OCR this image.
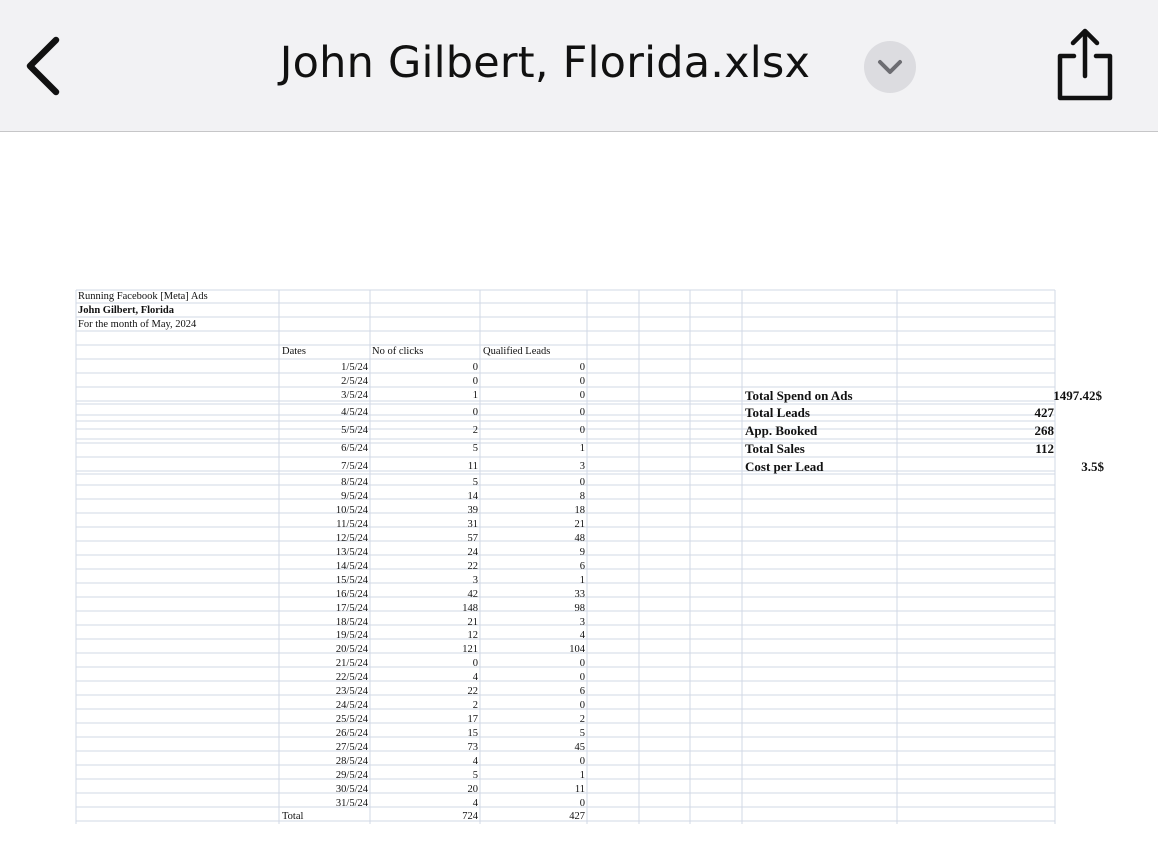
John Gilbert, Florida.xlsx
Running Facebook [Meta] Ads
John Gilbert, Florida
For the month of May, 2024
Dates	No of clicks	Qualified Leads
1/5/24	0	0
2/5/24	0	0
3/5/24	1	0
4/5/24	0	0
5/5/24	2	0
6/5/24	5	1
7/5/24	11	3
8/5/24	5	0
9/5/24	14	8
10/5/24	39	18
11/5/24	31	21
12/5/24	57	48
13/5/24	24	9
14/5/24	22	6
15/5/24	3	1
16/5/24	42	33
17/5/24	148	98
18/5/24	21	3
19/5/24	12	4
20/5/24	121	104
21/5/24	0	0
22/5/24	4	0
23/5/24	22	6
24/5/24	2	0
25/5/24	17	2
26/5/24	15	5
27/5/24	73	45
28/5/24	4	0
29/5/24	5	1
30/5/24	20	11
31/5/24	4	0
Total	724	427
Total Spend on Ads	1497.42$
Total Leads	427
App. Booked	268
Total Sales	112
Cost per Lead	3.5$
